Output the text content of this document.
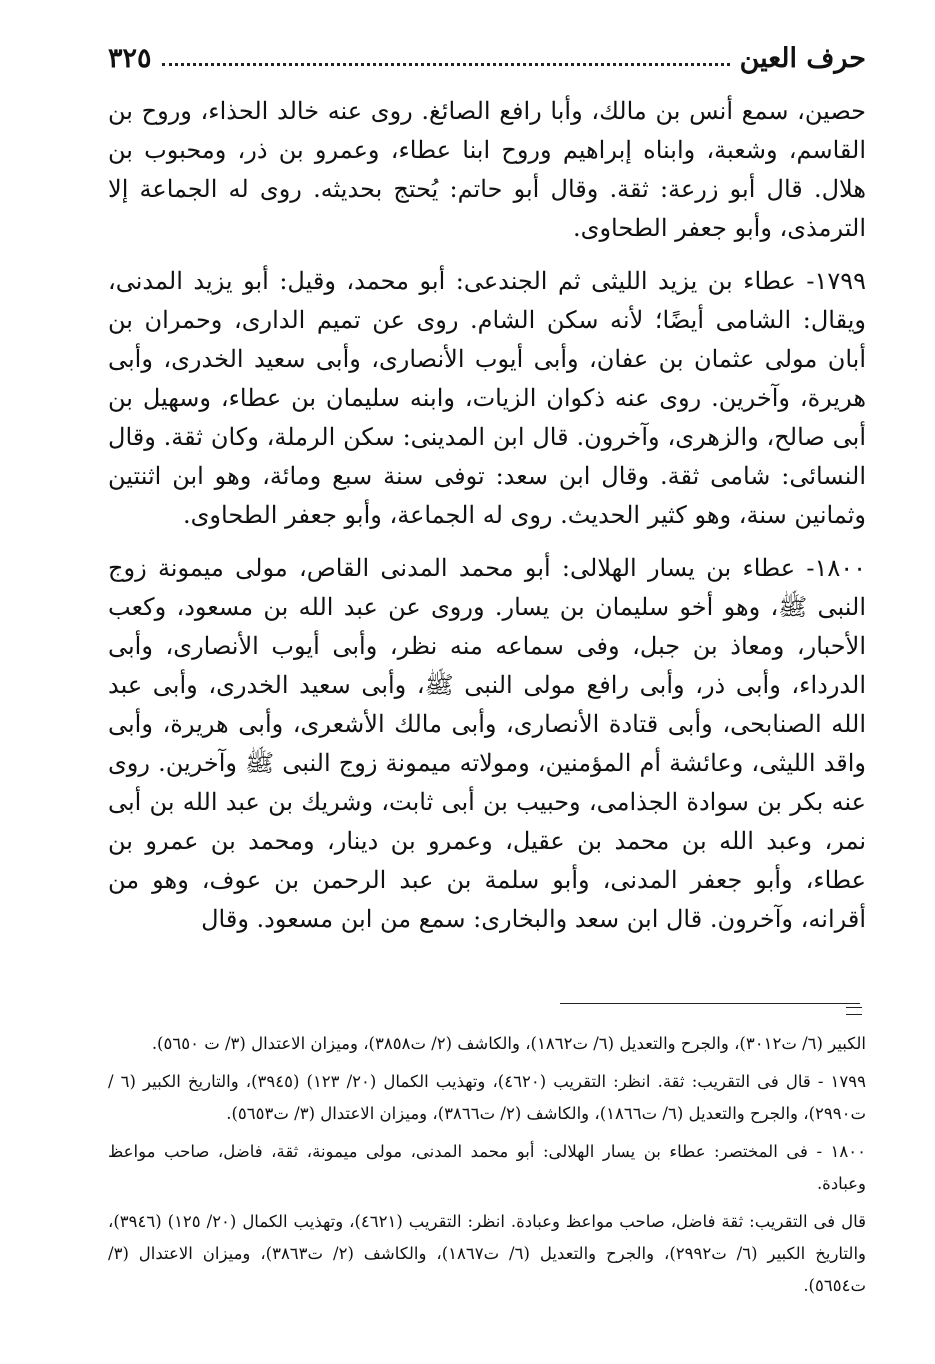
حرف العين
٣٢٥

حصين، سمع أنس بن مالك، وأبا رافع الصائغ. روى عنه خالد الحذاء، وروح بن القاسم، وشعبة، وابناه إبراهيم وروح ابنا عطاء، وعمرو بن ذر، ومحبوب بن هلال. قال أبو زرعة: ثقة. وقال أبو حاتم: يُحتج بحديثه. روى له الجماعة إلا الترمذى، وأبو جعفر الطحاوى.

١٧٩٩- عطاء بن يزيد الليثى ثم الجندعى: أبو محمد، وقيل: أبو يزيد المدنى، ويقال: الشامى أيضًا؛ لأنه سكن الشام. روى عن تميم الدارى، وحمران بن أبان مولى عثمان بن عفان، وأبى أيوب الأنصارى، وأبى سعيد الخدرى، وأبى هريرة، وآخرين. روى عنه ذكوان الزيات، وابنه سليمان بن عطاء، وسهيل بن أبى صالح، والزهرى، وآخرون. قال ابن المدينى: سكن الرملة، وكان ثقة. وقال النسائى: شامى ثقة. وقال ابن سعد: توفى سنة سبع ومائة، وهو ابن اثنتين وثمانين سنة، وهو كثير الحديث. روى له الجماعة، وأبو جعفر الطحاوى.

١٨٠٠- عطاء بن يسار الهلالى: أبو محمد المدنى القاص، مولى ميمونة زوج النبى ﷺ، وهو أخو سليمان بن يسار. وروى عن عبد الله بن مسعود، وكعب الأحبار، ومعاذ بن جبل، وفى سماعه منه نظر، وأبى أيوب الأنصارى، وأبى الدرداء، وأبى ذر، وأبى رافع مولى النبى ﷺ، وأبى سعيد الخدرى، وأبى عبد الله الصنابحى، وأبى قتادة الأنصارى، وأبى مالك الأشعرى، وأبى هريرة، وأبى واقد الليثى، وعائشة أم المؤمنين، ومولاته ميمونة زوج النبى ﷺ وآخرين. روى عنه بكر بن سوادة الجذامى، وحبيب بن أبى ثابت، وشريك بن عبد الله بن أبى نمر، وعبد الله بن محمد بن عقيل، وعمرو بن دينار، ومحمد بن عمرو بن عطاء، وأبو جعفر المدنى، وأبو سلمة بن عبد الرحمن بن عوف، وهو من أقرانه، وآخرون. قال ابن سعد والبخارى: سمع من ابن مسعود. وقال

الكبير (٦/ ت٣٠١٢)، والجرح والتعديل (٦/ ت١٨٦٢)، والكاشف (٢/ ت٣٨٥٨)، وميزان الاعتدال (٣/ ت ٥٦٥٠).

١٧٩٩ - قال فى التقريب: ثقة. انظر: التقريب (٤٦٢٠)، وتهذيب الكمال (٢٠/ ١٢٣) (٣٩٤٥)، والتاريخ الكبير (٦ / ت٢٩٩٠)، والجرح والتعديل (٦/ ت١٨٦٦)، والكاشف (٢/ ت٣٨٦٦)، وميزان الاعتدال (٣/ ت٥٦٥٣).

١٨٠٠ - فى المختصر: عطاء بن يسار الهلالى: أبو محمد المدنى، مولى ميمونة، ثقة، فاضل، صاحب مواعظ وعبادة.

قال فى التقريب: ثقة فاضل، صاحب مواعظ وعبادة. انظر: التقريب (٤٦٢١)، وتهذيب الكمال (٢٠/ ١٢٥) (٣٩٤٦)، والتاريخ الكبير (٦/ ت٢٩٩٢)، والجرح والتعديل (٦/ ت١٨٦٧)، والكاشف (٢/ ت٣٨٦٣)، وميزان الاعتدال (٣/ ت٥٦٥٤).
